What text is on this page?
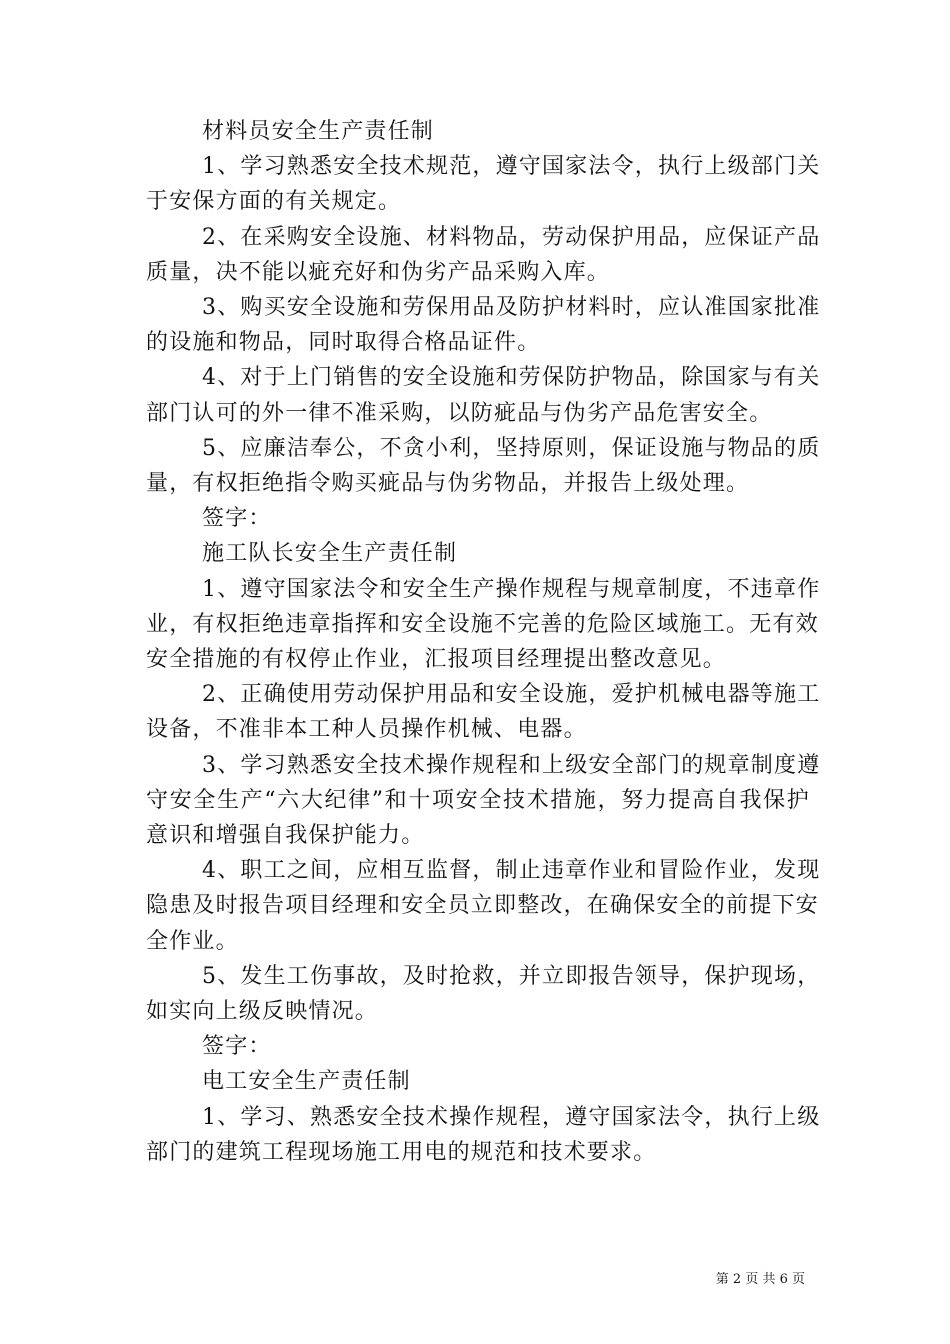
材料员安全生产责任制

1、学习熟悉安全技术规范，遵守国家法令，执行上级部门关

于安保方面的有关规定。

2、在采购安全设施、材料物品，劳动保护用品，应保证产品

质量，决不能以疵充好和伪劣产品采购入库。

3、购买安全设施和劳保用品及防护材料时，应认准国家批准

的设施和物品，同时取得合格品证件。

4、对于上门销售的安全设施和劳保防护物品，除国家与有关

部门认可的外一律不准采购，以防疵品与伪劣产品危害安全。

5、应廉洁奉公，不贪小利，坚持原则，保证设施与物品的质

量，有权拒绝指令购买疵品与伪劣物品，并报告上级处理。

签字：

施工队长安全生产责任制

1、遵守国家法令和安全生产操作规程与规章制度，不违章作

业，有权拒绝违章指挥和安全设施不完善的危险区域施工。无有效

安全措施的有权停止作业，汇报项目经理提出整改意见。

2、正确使用劳动保护用品和安全设施，爱护机械电器等施工

设备，不准非本工种人员操作机械、电器。

3、学习熟悉安全技术操作规程和上级安全部门的规章制度遵

守安全生产“六大纪律”和十项安全技术措施，努力提高自我保护

意识和增强自我保护能力。

4、职工之间，应相互监督，制止违章作业和冒险作业，发现

隐患及时报告项目经理和安全员立即整改，在确保安全的前提下安

全作业。

5、发生工伤事故，及时抢救，并立即报告领导，保护现场，

如实向上级反映情况。

签字：

电工安全生产责任制

1、学习、熟悉安全技术操作规程，遵守国家法令，执行上级

部门的建筑工程现场施工用电的规范和技术要求。

第 2 页 共 6 页
